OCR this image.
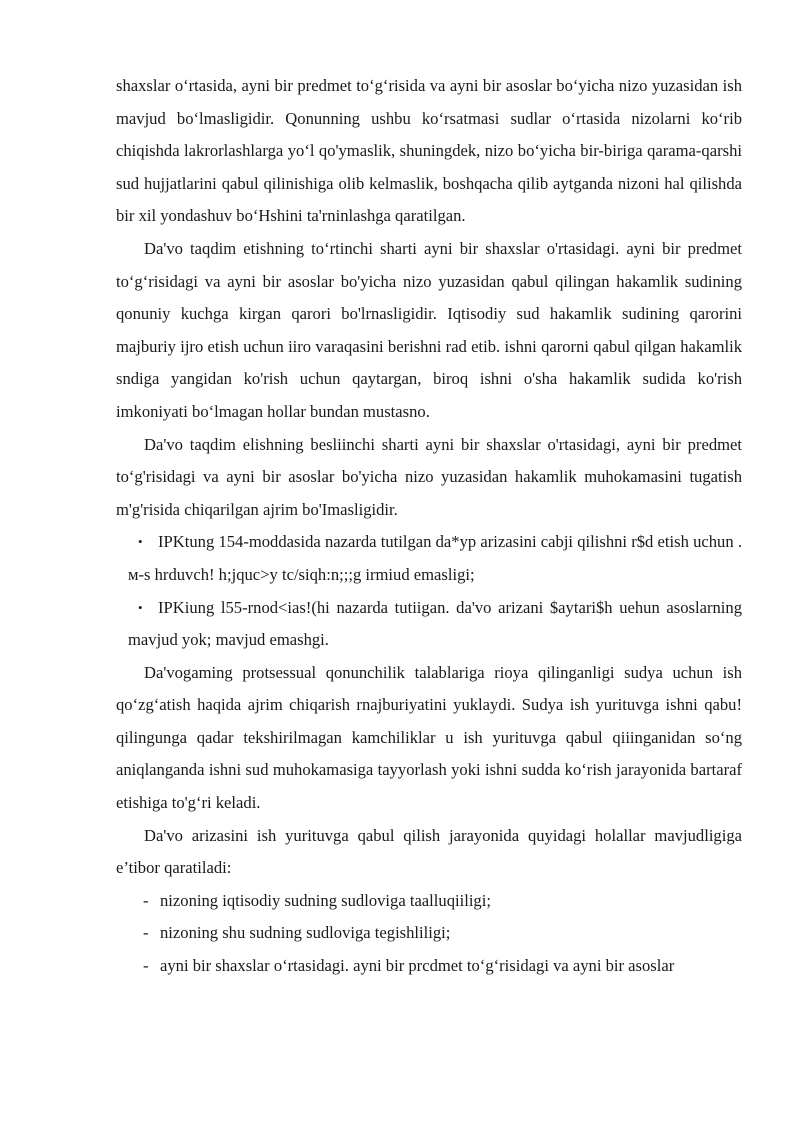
shaxslar o‘rtasida, ayni bir predmet to‘g‘risida va ayni bir asoslar bo‘yicha nizo yuzasidan ish mavjud bo‘lmasligidir. Qonunning ushbu ko‘rsatmasi sudlar o‘rtasida nizolarni ko‘rib chiqishda lakrorlashlarga yo‘l qo'ymaslik, shuningdek, nizo bo‘yicha bir-biriga qarama-qarshi sud hujjatlarini qabul qilinishiga olib kelmaslik, boshqacha qilib aytganda nizoni hal qilishda bir xil yondashuv bo‘Hshini ta'rninlashga qaratilgan.

Da'vo taqdim etishning to‘rtinchi sharti ayni bir shaxslar o'rtasidagi. ayni bir predmet to‘g‘risidagi va ayni bir asoslar bo'yicha nizo yuzasidan qabul qilingan hakamlik sudining qonuniy kuchga kirgan qarori bo'lrnasligidir. Iqtisodiy sud hakamlik sudining qarorini majburiy ijro etish uchun iiro varaqasini berishni rad etib. ishni qarorni qabul qilgan hakamlik sndiga yangidan ko'rish uchun qaytargan, biroq ishni o'sha hakamlik sudida ko'rish imkoniyati bo‘lmagan hollar bundan mustasno.

Da'vo taqdim elishning besliinchi sharti ayni bir shaxslar o'rtasidagi, ayni bir predmet to‘g'risidagi va ayni bir asoslar bo'yicha nizo yuzasidan hakamlik muhokamasini tugatish m'g'risida chiqarilgan ajrim bo'Imasligidir.

• IPKtung 154-moddasida nazarda tutilgan da*yp arizasini cabji qilishni r$d etish uchun . м-s hrduvch! h;jquc>y tc/siqh:n;;;g irmiud emasligi;
• IPKiung l55-rnod<ias!(hi nazarda tutiigan. da'vo arizani $aytari$h uehun asoslarning mavjud yok; mavjud emashgi.

Da'vogaming protsessual qonunchilik talablariga rioya qilinganligi sudya uchun ish qo‘zg‘atish haqida ajrim chiqarish rnajburiyatini yuklaydi. Sudya ish yurituvga ishni qabu! qilingunga qadar tekshirilmagan kamchiliklar u ish yurituvga qabul qiiinganidan so‘ng aniqlanganda ishni sud muhokamasiga tayyorlash yoki ishni sudda ko‘rish jarayonida bartaraf etishiga to'g‘ri keladi.

Da'vo arizasini ish yurituvga qabul qilish jarayonida quyidagi holallar mavjudligiga e’tibor qaratiladi:

- nizoning iqtisodiy sudning sudloviga taalluqiiligi;
- nizoning shu sudning sudloviga tegishliligi;
- ayni bir shaxslar o‘rtasidagi. ayni bir prcdmet to‘g‘risidagi va ayni bir asoslar
